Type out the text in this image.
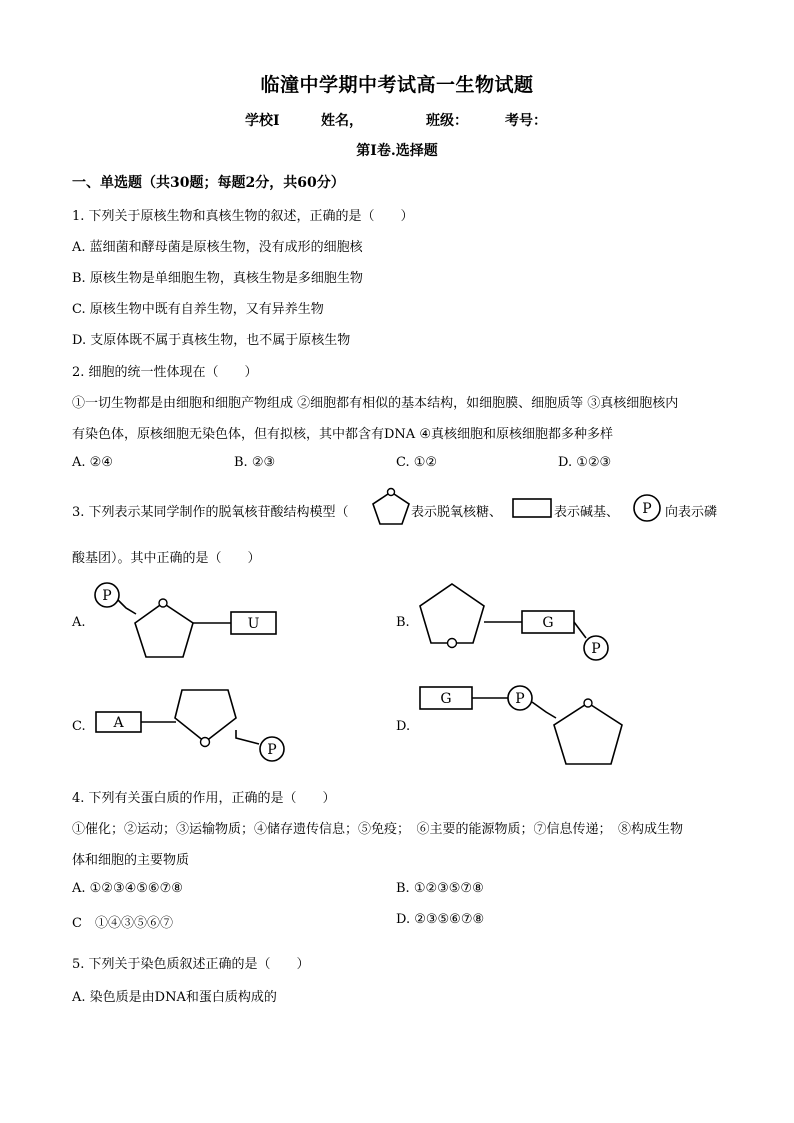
临潼中学期中考试高一生物试题
学校I	姓名，	班级：	考号：
第I卷.选择题
一、单选题（共30题；每题2分，共60分）
1. 下列关于原核生物和真核生物的叙述，正确的是（　　）
A. 蓝细菌和酵母菌是原核生物，没有成形的细胞核
B. 原核生物是单细胞生物，真核生物是多细胞生物
C. 原核生物中既有自养生物，又有异养生物
D. 支原体既不属于真核生物，也不属于原核生物
2. 细胞的统一性体现在（　　）
①一切生物都是由细胞和细胞产物组成 ②细胞都有相似的基本结构，如细胞膜、细胞质等 ③真核细胞核内
有染色体，原核细胞无染色体，但有拟核，其中都含有DNA ④真核细胞和原核细胞都多种多样
A. ②④	B. ②③	C. ①②	D. ①②③
3. 下列表示某同学制作的脱氧核苷酸结构模型（	表示脱氧核糖、	表示碱基、	向表示磷
酸基团）。其中正确的是（　　）
A.	B.
C.	D.
P
P
U	G
P
A
P
G	P
4. 下列有关蛋白质的作用，正确的是（　　）
①催化；②运动；③运输物质；④储存遗传信息；⑤免疫；　⑥主要的能源物质；⑦信息传递；　⑧构成生物
体和细胞的主要物质
A. ①②③④⑤⑥⑦⑧	B. ①②③⑤⑦⑧
C　①④③⑤⑥⑦	D. ②③⑤⑥⑦⑧
5. 下列关于染色质叙述正确的是（　　）
A. 染色质是由DNA和蛋白质构成的
